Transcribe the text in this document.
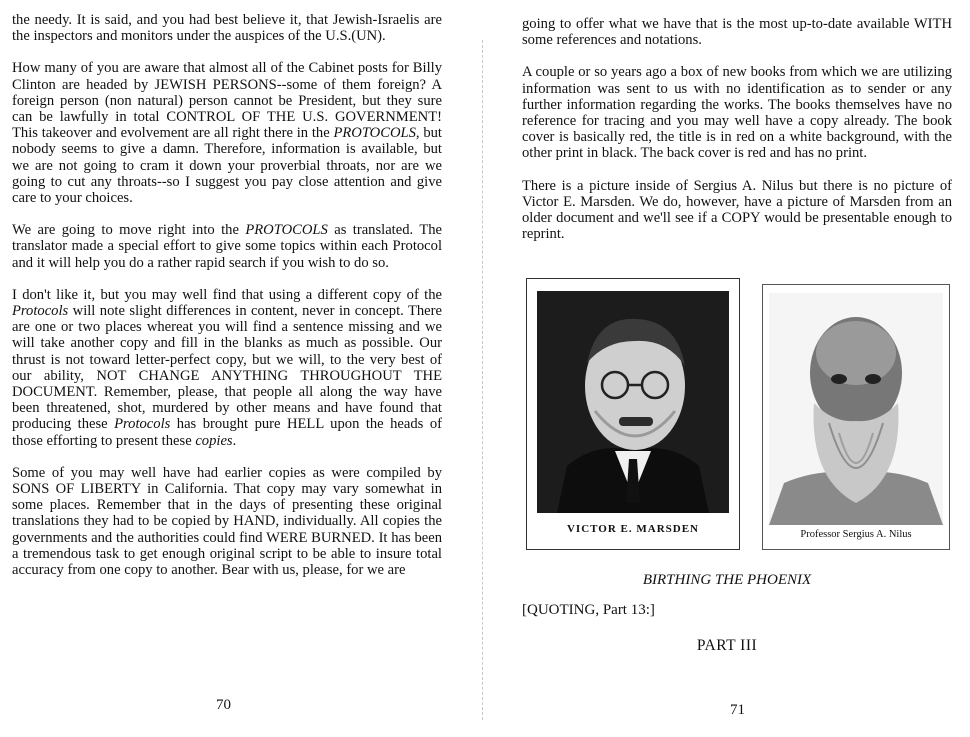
the needy. It is said, and you had best believe it, that Jewish-Israelis are the inspectors and monitors under the auspices of the U.S.(UN).

How many of you are aware that almost all of the Cabinet posts for Billy Clinton are headed by JEWISH PERSONS--some of them foreign? A foreign person (non natural) person cannot be President, but they sure can be lawfully in total CONTROL OF THE U.S. GOVERNMENT! This takeover and evolvement are all right there in the PROTOCOLS, but nobody seems to give a damn. Therefore, information is available, but we are not going to cram it down your proverbial throats, nor are we going to cut any throats--so I suggest you pay close attention and give care to your choices.

We are going to move right into the PROTOCOLS as translated. The translator made a special effort to give some topics within each Protocol and it will help you do a rather rapid search if you wish to do so.

I don't like it, but you may well find that using a different copy of the Protocols will note slight differences in content, never in concept. There are one or two places whereat you will find a sentence missing and we will take another copy and fill in the blanks as much as possible. Our thrust is not toward letter-perfect copy, but we will, to the very best of our ability, NOT CHANGE ANYTHING THROUGHOUT THE DOCUMENT. Remember, please, that people all along the way have been threatened, shot, murdered by other means and have found that producing these Protocols has brought pure HELL upon the heads of those efforting to present these copies.

Some of you may well have had earlier copies as were compiled by SONS OF LIBERTY in California. That copy may vary somewhat in some places. Remember that in the days of presenting these original translations they had to be copied by HAND, individually. All copies the governments and the authorities could find WERE BURNED. It has been a tremendous task to get enough original script to be able to insure total accuracy from one copy to another. Bear with us, please, for we are

70

going to offer what we have that is the most up-to-date available WITH some references and notations.

A couple or so years ago a box of new books from which we are utilizing information was sent to us with no identification as to sender or any further information regarding the works. The books themselves have no reference for tracing and you may well have a copy already. The book cover is basically red, the title is in red on a white background, with the other print in black. The back cover is red and has no print.

There is a picture inside of Sergius A. Nilus but there is no picture of Victor E. Marsden. We do, however, have a picture of Marsden from an older document and we'll see if a COPY would be presentable enough to reprint.

VICTOR E. MARSDEN	Professor Sergius A. Nilus
BIRTHING THE PHOENIX
[QUOTING, Part 13:]
PART III
71
